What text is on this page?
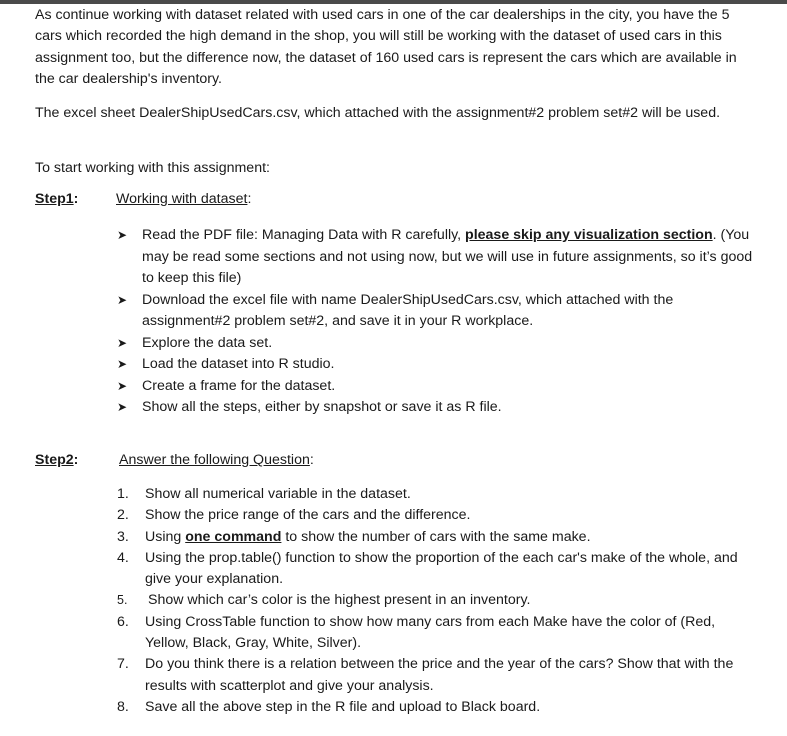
As continue working with dataset related with used cars in one of the car dealerships in the city, you have the 5 cars which recorded the high demand in the shop, you will still be working with the dataset of used cars in this assignment too, but the difference now, the dataset of 160 used cars is represent the cars which are available in the car dealership's inventory.

The excel sheet DealerShipUsedCars.csv, which attached with the assignment#2 problem set#2 will be used.

To start working with this assignment:

Step1:	Working with dataset:
➤ Read the PDF file: Managing Data with R carefully, please skip any visualization section. (You may be read some sections and not using now, but we will use in future assignments, so it’s good to keep this file)
➤ Download the excel file with name DealerShipUsedCars.csv, which attached with the assignment#2 problem set#2, and save it in your R workplace.
➤ Explore the data set.
➤ Load the dataset into R studio.
➤ Create a frame for the dataset.
➤ Show all the steps, either by snapshot or save it as R file.
Step2:	Answer the following Question:
1. Show all numerical variable in the dataset.
2. Show the price range of the cars and the difference.
3. Using one command to show the number of cars with the same make.
4. Using the prop.table() function to show the proportion of the each car's make of the whole, and give your explanation.
5. Show which car’s color is the highest present in an inventory.
6. Using CrossTable function to show how many cars from each Make have the color of (Red, Yellow, Black, Gray, White, Silver).
7. Do you think there is a relation between the price and the year of the cars? Show that with the results with scatterplot and give your analysis.
8. Save all the above step in the R file and upload to Black board.
